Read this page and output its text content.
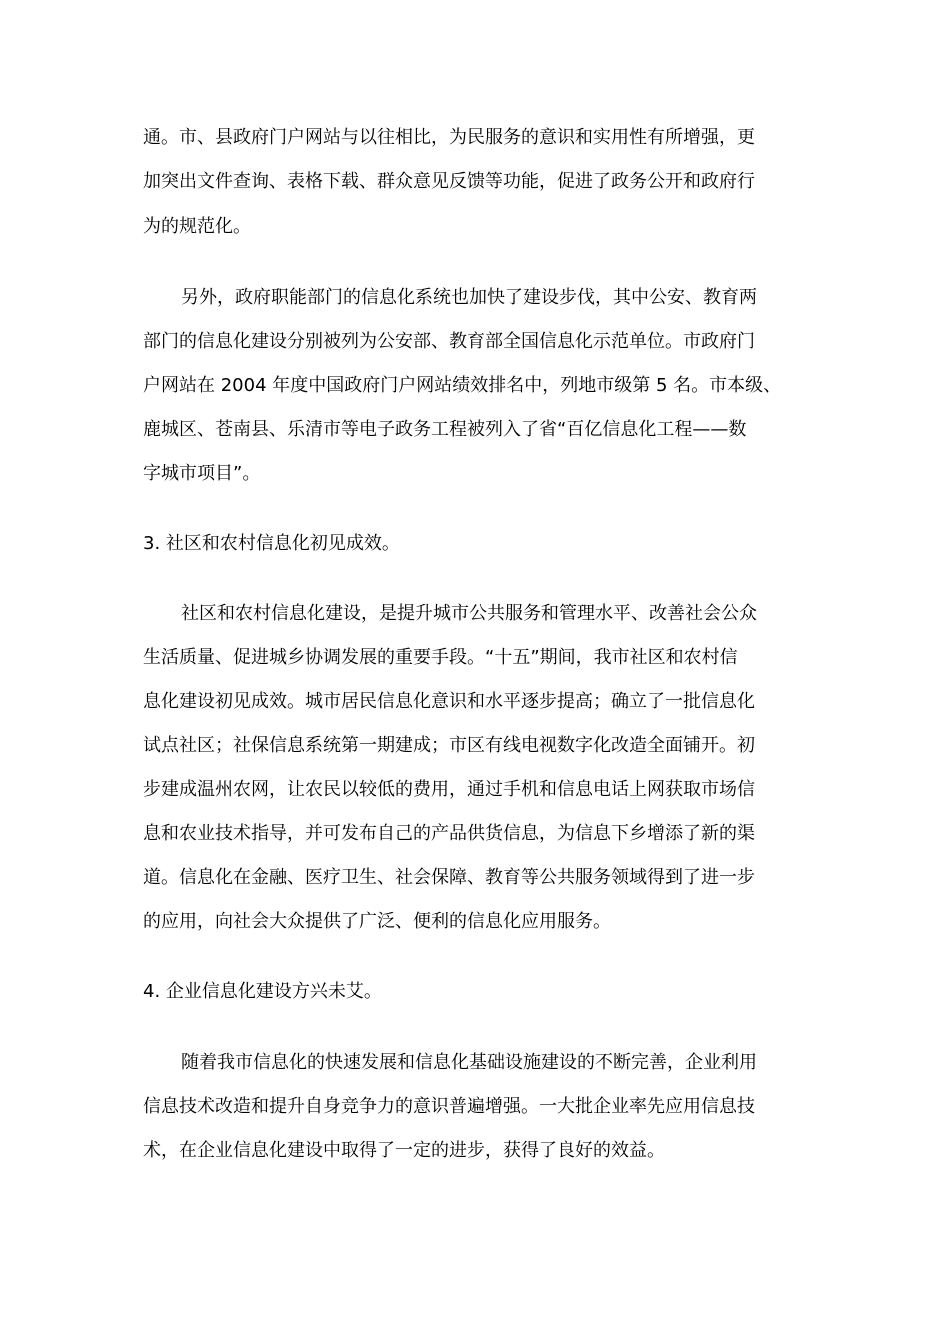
通。市、县政府门户网站与以往相比，为民服务的意识和实用性有所增强，更
加突出文件查询、表格下载、群众意见反馈等功能，促进了政务公开和政府行
为的规范化。
另外，政府职能部门的信息化系统也加快了建设步伐，其中公安、教育两
部门的信息化建设分别被列为公安部、教育部全国信息化示范单位。市政府门
户网站在 2004 年度中国政府门户网站绩效排名中，列地市级第 5 名。市本级、
鹿城区、苍南县、乐清市等电子政务工程被列入了省“百亿信息化工程——数
字城市项目”。
3. 社区和农村信息化初见成效。
社区和农村信息化建设，是提升城市公共服务和管理水平、改善社会公众
生活质量、促进城乡协调发展的重要手段。“十五”期间，我市社区和农村信
息化建设初见成效。城市居民信息化意识和水平逐步提高；确立了一批信息化
试点社区；社保信息系统第一期建成；市区有线电视数字化改造全面铺开。初
步建成温州农网，让农民以较低的费用，通过手机和信息电话上网获取市场信
息和农业技术指导，并可发布自己的产品供货信息，为信息下乡增添了新的渠
道。信息化在金融、医疗卫生、社会保障、教育等公共服务领域得到了进一步
的应用，向社会大众提供了广泛、便利的信息化应用服务。
4. 企业信息化建设方兴未艾。
随着我市信息化的快速发展和信息化基础设施建设的不断完善，企业利用
信息技术改造和提升自身竞争力的意识普遍增强。一大批企业率先应用信息技
术，在企业信息化建设中取得了一定的进步，获得了良好的效益。
